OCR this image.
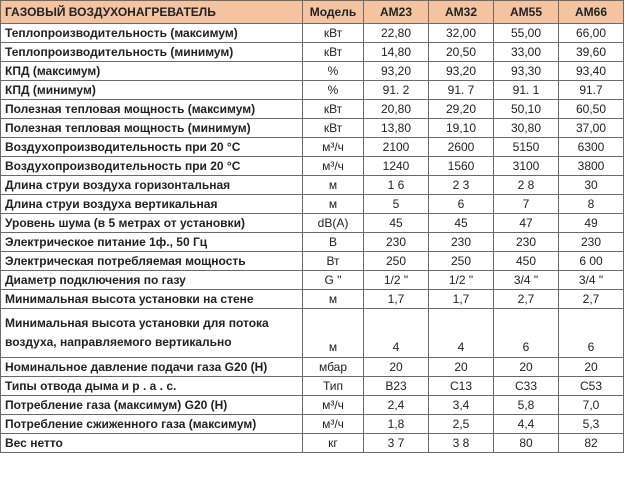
ГАЗОВЫЙ ВОЗДУХОНАГРЕВАТЕЛЬ	Модель	АМ23	АМ32	АМ55	АМ66
Теплопроизводительность (максимум)	кВт	22,80	32,00	55,00	66,00
Теплопроизводительность (минимум)	кВт	14,80	20,50	33,00	39,60
КПД (максимум)	%	93,20	93,20	93,30	93,40
КПД (минимум)	%	91. 2	91. 7	91. 1	91.7
Полезная тепловая мощность (максимум)	кВт	20,80	29,20	50,10	60,50
Полезная тепловая мощность (минимум)	кВт	13,80	19,10	30,80	37,00
Воздухопроизводительность при 20 °С	м³/ч	2100	2600	5150	6300
Воздухопроизводительность при 20 °С	м³/ч	1240	1560	3100	3800
Длина струи воздуха горизонтальная	м	1 6	2 3	2 8	30
Длина струи воздуха вертикальная	м	5	6	7	8
Уровень шума (в 5 метрах от установки)	dB(A)	45	45	47	49
Электрическое питание 1ф., 50 Гц	В	230	230	230	230
Электрическая потребляемая мощность	Вт	250	250	450	6 00
Диаметр подключения по газу	G "	1/2 "	1/2 "	3/4 "	3/4 "
Минимальная высота установки на стене	м	1,7	1,7	2,7	2,7
Минимальная высота установки для потока воздуха, направляемого вертикально	м	4	4	6	6
Номинальное давление подачи газа G20 (Н)	мбар	20	20	20	20
Типы отвода дыма и р . а . с.	Тип	B23	C13	C33	C53
Потребление газа (максимум) G20 (Н)	м³/ч	2,4	3,4	5,8	7,0
Потребление сжиженного газа (максимум)	м³/ч	1,8	2,5	4,4	5,3
Вес нетто	кг	3 7	3 8	80	82
